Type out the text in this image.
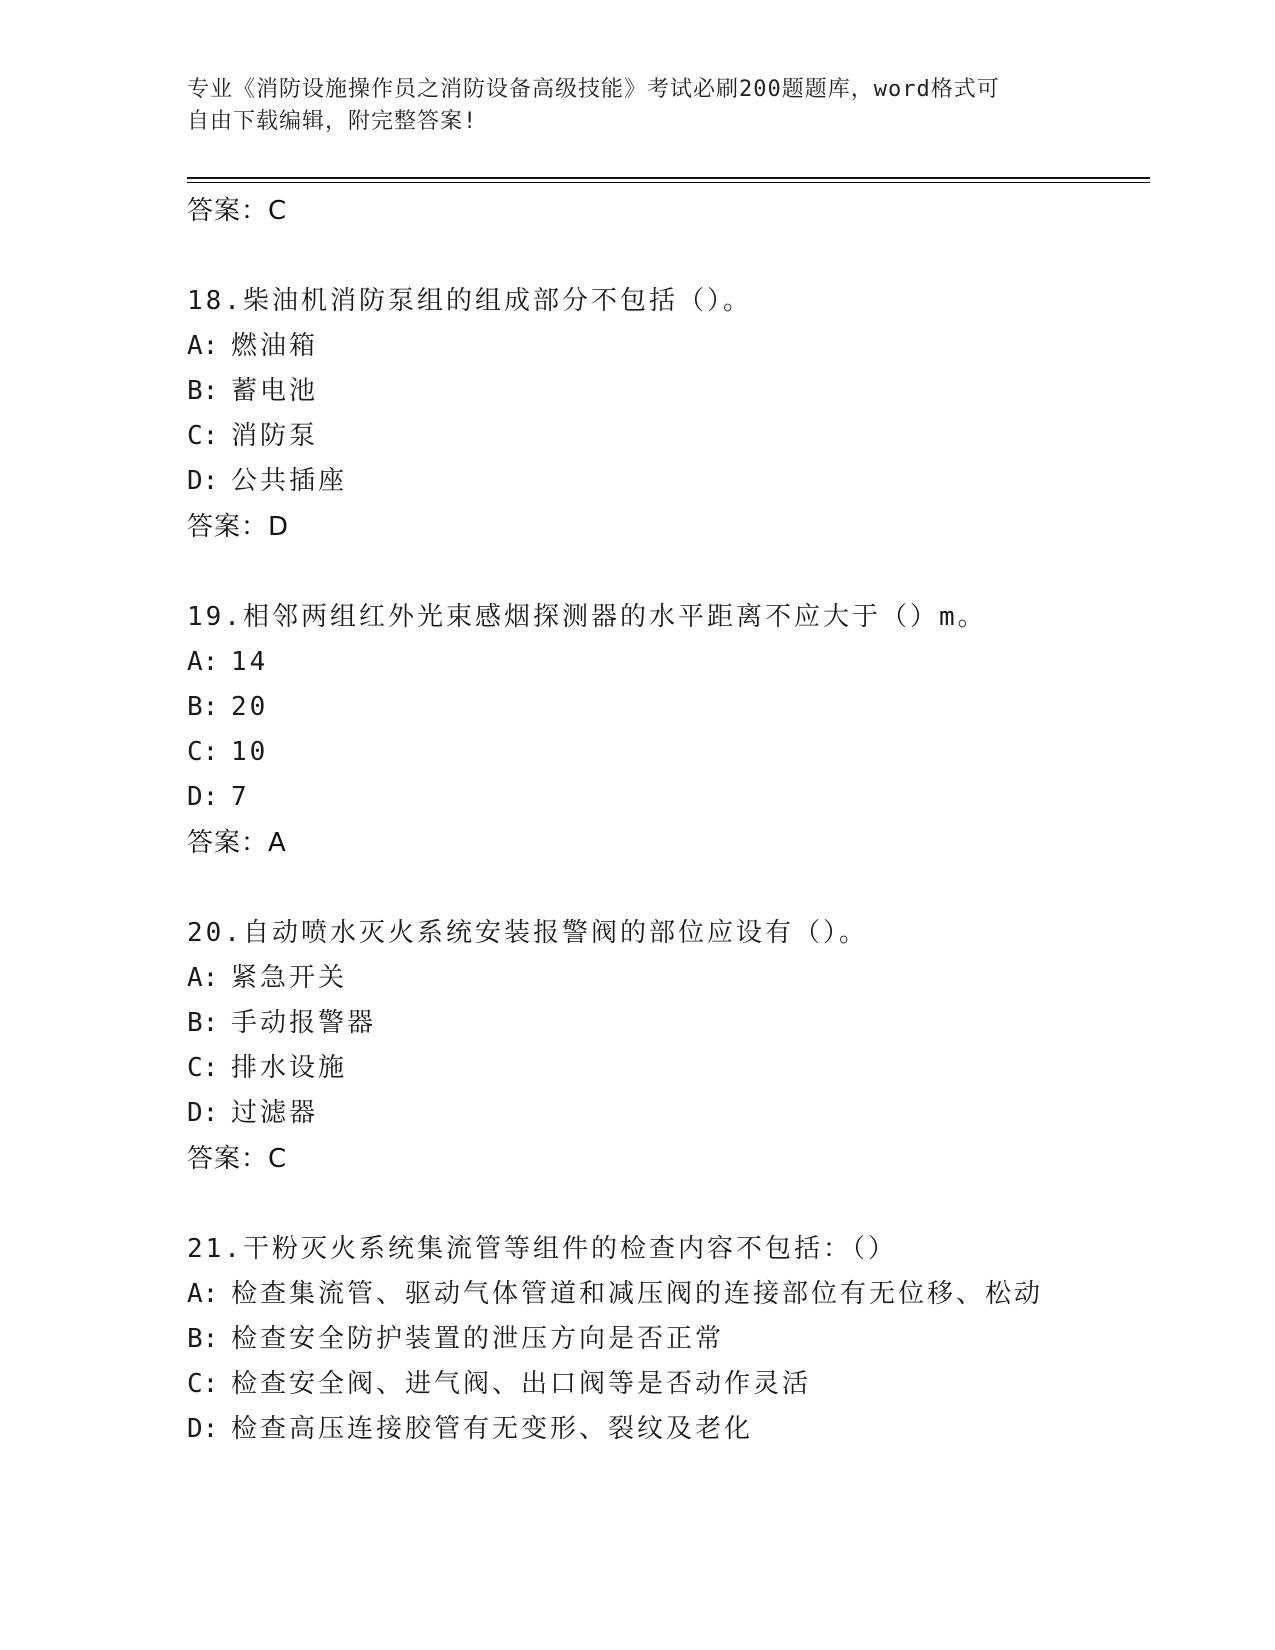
专业《消防设施操作员之消防设备高级技能》考试必刷200题题库，word格式可
自由下载编辑，附完整答案!
答案：C
18.柴油机消防泵组的组成部分不包括（）。
A: 燃油箱
B: 蓄电池
C: 消防泵
D: 公共插座
答案：D
19.相邻两组红外光束感烟探测器的水平距离不应大于（）m。
A: 14
B: 20
C: 10
D: 7
答案：A
20.自动喷水灭火系统安装报警阀的部位应设有（）。
A: 紧急开关
B: 手动报警器
C: 排水设施
D: 过滤器
答案：C
21.干粉灭火系统集流管等组件的检查内容不包括：（）
A: 检查集流管、驱动气体管道和减压阀的连接部位有无位移、松动
B: 检查安全防护装置的泄压方向是否正常
C: 检查安全阀、进气阀、出口阀等是否动作灵活
D: 检查高压连接胶管有无变形、裂纹及老化
